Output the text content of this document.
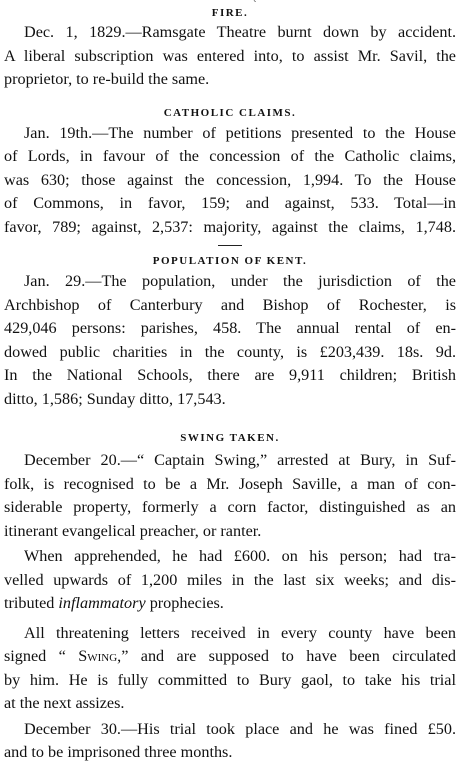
`
FIRE.

Dec. 1, 1829.—Ramsgate Theatre burnt down by accident.
A liberal subscription was entered into, to assist Mr. Savil, the
proprietor, to re-build the same.

CATHOLIC CLAIMS.

Jan. 19th.—The number of petitions presented to the House
of Lords, in favour of the concession of the Catholic claims,
was 630; those against the concession, 1,994. To the House
of Commons, in favor, 159; and against, 533. Total—in
favor, 789; against, 2,537: majority, against the claims, 1,748.

POPULATION OF KENT.

Jan. 29.—The population, under the jurisdiction of the
Archbishop of Canterbury and Bishop of Rochester, is
429,046 persons: parishes, 458. The annual rental of en-
dowed public charities in the county, is £203,439. 18s. 9d.
In the National Schools, there are 9,911 children; British
ditto, 1,586; Sunday ditto, 17,543.

SWING TAKEN.

December 20.—“ Captain Swing,” arrested at Bury, in Suf-
folk, is recognised to be a Mr. Joseph Saville, a man of con-
siderable property, formerly a corn factor, distinguished as an
itinerant evangelical preacher, or ranter.

When apprehended, he had £600. on his person; had tra-
velled upwards of 1,200 miles in the last six weeks; and dis-
tributed inflammatory prophecies.

All threatening letters received in every county have been
signed “ Swing,” and are supposed to have been circulated
by him. He is fully committed to Bury gaol, to take his trial
at the next assizes.

December 30.—His trial took place and he was fined £50.
and to be imprisoned three months.
